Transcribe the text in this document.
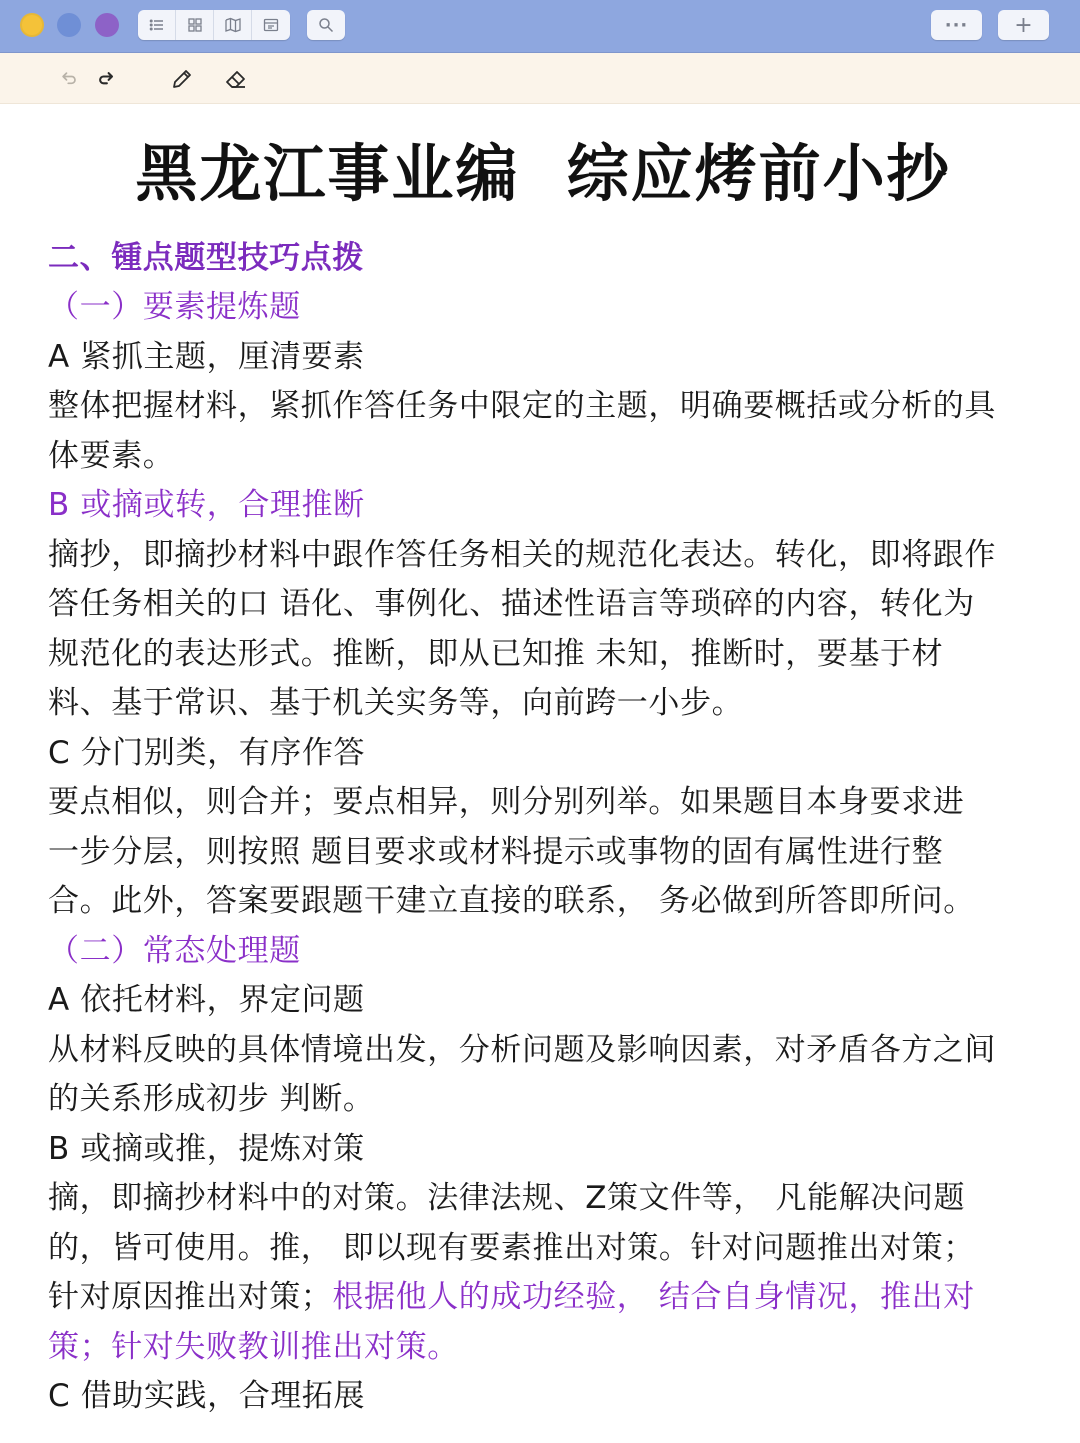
··· +
黑龙江事业编  综应烤前小抄
二、锺点题型技巧点拨
（一）要素提炼题
A 紧抓主题，厘清要素
整体把握材料，紧抓作答任务中限定的主题，明确要概括或分析的具
体要素。
B 或摘或转，合理推断
摘抄，即摘抄材料中跟作答任务相关的规范化表达。转化，即将跟作
答任务相关的口 语化、事例化、描述性语言等琐碎的内容，转化为
规范化的表达形式。推断，即从已知推 未知，推断时，要基于材
料、基于常识、基于机关实务等，向前跨一小步。
C 分门别类，有序作答
要点相似，则合并；要点相异，则分别列举。如果题目本身要求进
一步分层，则按照 题目要求或材料提示或事物的固有属性进行整
合。此外，答案要跟题干建立直接的联系， 务必做到所答即所问。
（二）常态处理题
A 依托材料，界定问题
从材料反映的具体情境出发，分析问题及影响因素，对矛盾各方之间
的关系形成初步 判断。
B 或摘或推，提炼对策
摘，即摘抄材料中的对策。法律法规、Z策文件等， 凡能解决问题
的，皆可使用。推， 即以现有要素推出对策。针对问题推出对策；
针对原因推出对策；根据他人的成功经验， 结合自身情况，推出对
策；针对失败教训推出对策。
C 借助实践，合理拓展
